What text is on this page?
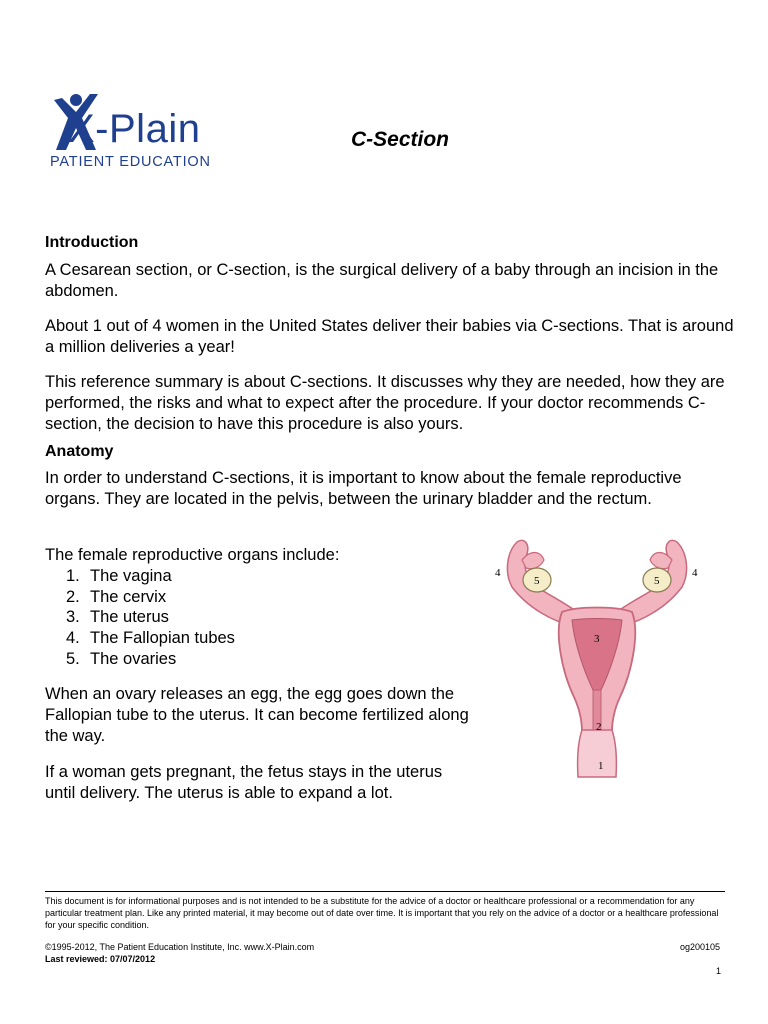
X-Plain
PATIENT EDUCATION
C-Section
Introduction

A Cesarean section, or C-section, is the surgical delivery of a baby through an incision in the abdomen.

About 1 out of 4 women in the United States deliver their babies via C-sections. That is around a million deliveries a year!

This reference summary is about C-sections. It discusses why they are needed, how they are performed, the risks and what to expect after the procedure. If your doctor recommends C-section, the decision to have this procedure is also yours.

Anatomy

In order to understand C-sections, it is important to know about the female reproductive organs. They are located in the pelvis, between the urinary bladder and the rectum.

The female reproductive organs include:
1. The vagina
2. The cervix
3. The uterus
4. The Fallopian tubes
5. The ovaries

When an ovary releases an egg, the egg goes down the Fallopian tube to the uterus. It can become fertilized along the way.

If a woman gets pregnant, the fetus stays in the uterus until delivery. The uterus is able to expand a lot.

4
5	5
4
3
2
1
This document is for informational purposes and is not intended to be a substitute for the advice of a doctor or healthcare professional or a recommendation for any particular treatment plan. Like any printed material, it may become out of date over time. It is important that you rely on the advice of a doctor or a healthcare professional for your specific condition.
©1995-2012, The Patient Education Institute, Inc. www.X-Plain.com
Last reviewed: 07/07/2012
og200105
1
